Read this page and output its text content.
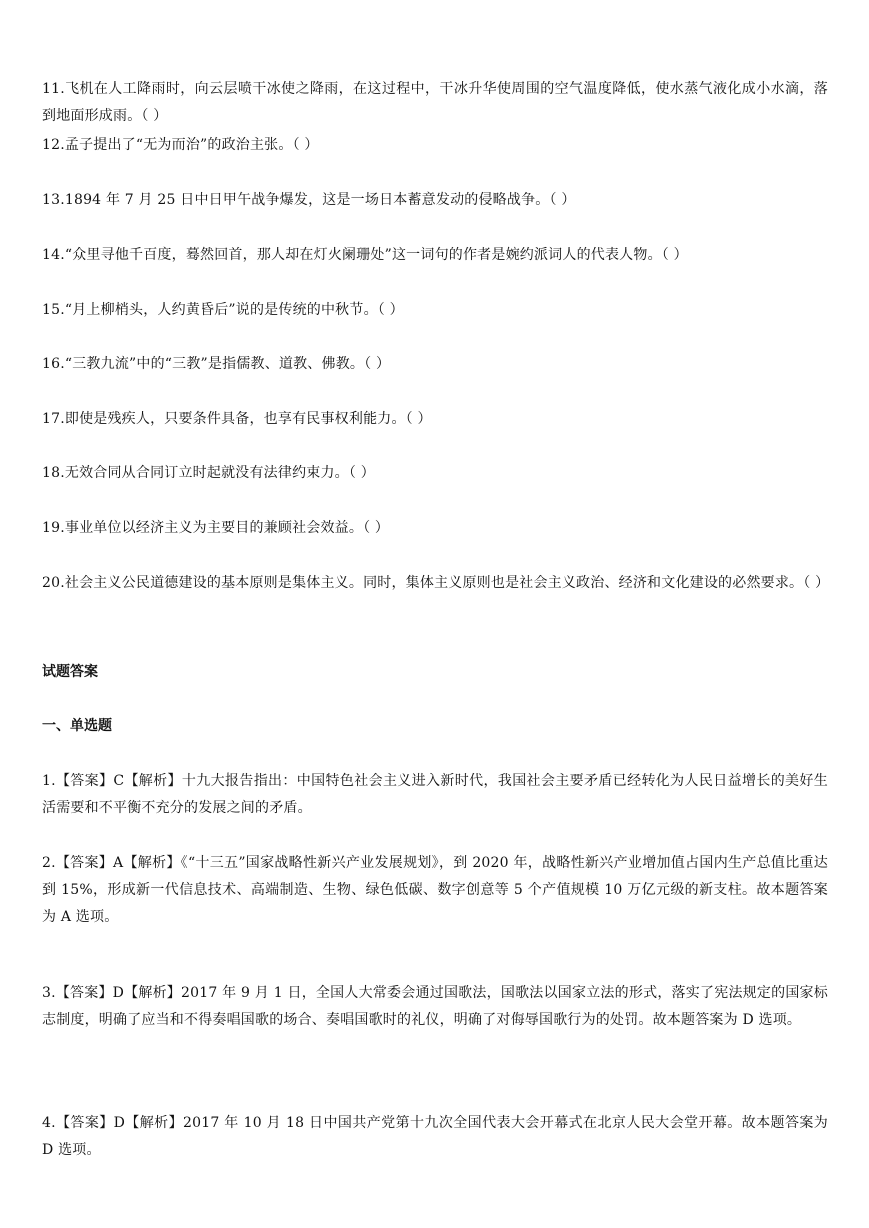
11.飞机在人工降雨时，向云层喷干冰使之降雨，在这过程中，干冰升华使周围的空气温度降低，使水蒸气液化成小水滴，落到地面形成雨。（ ）

12.孟子提出了“无为而治”的政治主张。（ ）

13.1894 年 7 月 25 日中日甲午战争爆发，这是一场日本蓄意发动的侵略战争。（ ）

14.“众里寻他千百度，蓦然回首，那人却在灯火阑珊处”这一词句的作者是婉约派词人的代表人物。（ ）

15.“月上柳梢头，人约黄昏后”说的是传统的中秋节。（ ）

16.“三教九流”中的“三教”是指儒教、道教、佛教。（ ）

17.即使是残疾人，只要条件具备，也享有民事权利能力。（ ）

18.无效合同从合同订立时起就没有法律约束力。（ ）

19.事业单位以经济主义为主要目的兼顾社会效益。（ ）

20.社会主义公民道德建设的基本原则是集体主义。同时，集体主义原则也是社会主义政治、经济和文化建设的必然要求。（ ）

试题答案

一、单选题

1.【答案】C【解析】十九大报告指出：中国特色社会主义进入新时代，我国社会主要矛盾已经转化为人民日益增长的美好生活需要和不平衡不充分的发展之间的矛盾。

2.【答案】A【解析】《“十三五”国家战略性新兴产业发展规划》，到 2020 年，战略性新兴产业增加值占国内生产总值比重达到 15%，形成新一代信息技术、高端制造、生物、绿色低碳、数字创意等 5 个产值规模 10 万亿元级的新支柱。故本题答案为 A 选项。

3.【答案】D【解析】2017 年 9 月 1 日，全国人大常委会通过国歌法，国歌法以国家立法的形式，落实了宪法规定的国家标志制度，明确了应当和不得奏唱国歌的场合、奏唱国歌时的礼仪，明确了对侮辱国歌行为的处罚。故本题答案为 D 选项。

4.【答案】D【解析】2017 年 10 月 18 日中国共产党第十九次全国代表大会开幕式在北京人民大会堂开幕。故本题答案为 D 选项。
